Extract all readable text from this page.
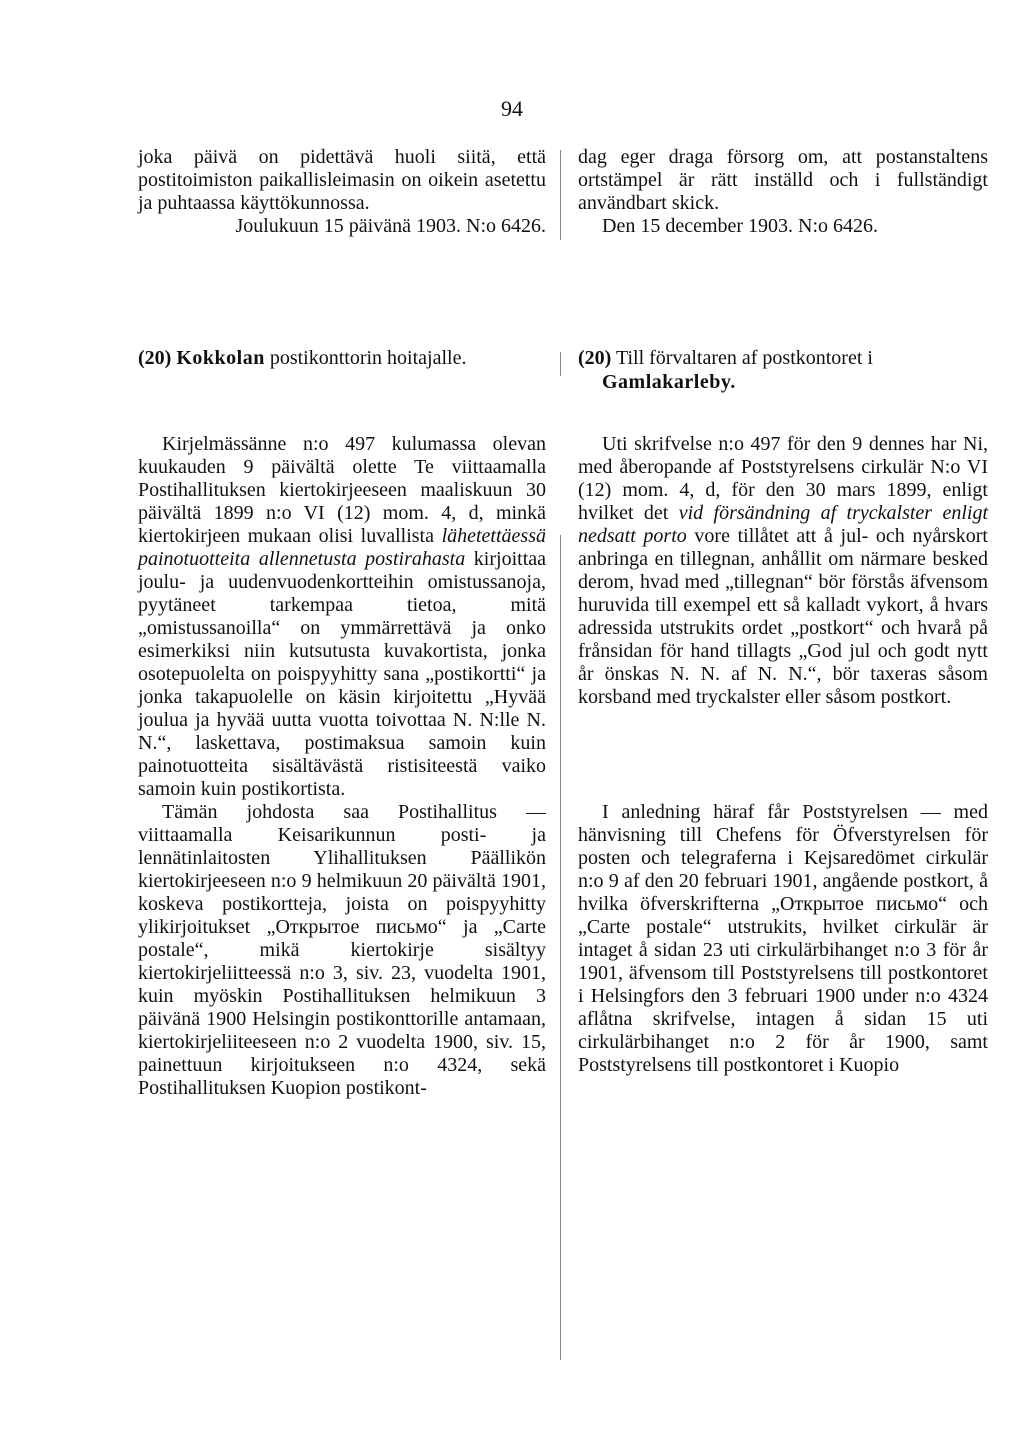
94

joka päivä on pidettävä huoli siitä, että postitoimiston paikallisleimasin on oikein asetettu ja puhtaassa käyttökunnossa.

Joulukuun 15 päivänä 1903. N:o 6426.

(20) Kokkolan postikonttorin hoitajalle.

Kirjelmässänne n:o 497 kulumassa olevan kuukauden 9 päivältä olette Te viittaamalla Postihallituksen kiertokirjeeseen maaliskuun 30 päivältä 1899 n:o VI (12) mom. 4, d, minkä kiertokirjeen mukaan olisi luvallista lähetettäessä painotuotteita allennetusta postirahasta kirjoittaa joulu- ja uudenvuodenkortteihin omistussanoja, pyytäneet tarkempaa tietoa, mitä „omistussanoilla“ on ymmärrettävä ja onko esimerkiksi niin kutsutusta kuvakortista, jonka osotepuolelta on poispyyhitty sana „postikortti“ ja jonka takapuolelle on käsin kirjoitettu „Hyvää joulua ja hyvää uutta vuotta toivottaa N. N:lle N. N.“, laskettava, postimaksua samoin kuin painotuotteita sisältävästä ristisiteestä vaiko samoin kuin postikortista.

Tämän johdosta saa Postihallitus — viittaamalla Keisarikunnun posti- ja lennätinlaitosten Ylihallituksen Päällikön kiertokirjeeseen n:o 9 helmikuun 20 päivältä 1901, koskeva postikortteja, joista on poispyyhitty ylikirjoitukset „Открытое письмо“ ja „Carte postale“, mikä kiertokirje sisältyy kiertokirjeliitteessä n:o 3, siv. 23, vuodelta 1901, kuin myöskin Postihallituksen helmikuun 3 päivänä 1900 Helsingin postikonttorille antamaan, kiertokirjeliiteeseen n:o 2 vuodelta 1900, siv. 15, painettuun kirjoitukseen n:o 4324, sekä Postihallituksen Kuopion postikont-

dag eger draga försorg om, att postanstaltens ortstämpel är rätt inställd och i fullständigt användbart skick.

Den 15 december 1903. N:o 6426.

(20) Till förvaltaren af postkontoret i

Gamlakarleby.

Uti skrifvelse n:o 497 för den 9 dennes har Ni, med åberopande af Poststyrelsens cirkulär N:o VI (12) mom. 4, d, för den 30 mars 1899, enligt hvilket det vid försändning af tryckalster enligt nedsatt porto vore tillåtet att å jul- och nyårskort anbringa en tillegnan, anhållit om närmare besked derom, hvad med „tillegnan“ bör förstås äfvensom huruvida till exempel ett så kalladt vykort, å hvars adressida utstrukits ordet „postkort“ och hvarå på frånsidan för hand tillagts „God jul och godt nytt år önskas N. N. af N. N.“, bör taxeras såsom korsband med tryckalster eller såsom postkort.

I anledning häraf får Poststyrelsen — med hänvisning till Chefens för Öfverstyrelsen för posten och telegraferna i Kejsaredömet cirkulär n:o 9 af den 20 februari 1901, angående postkort, å hvilka öfverskrifterna „Открытое письмо“ och „Carte postale“ utstrukits, hvilket cirkulär är intaget å sidan 23 uti cirkulärbihanget n:o 3 för år 1901, äfvensom till Poststyrelsens till postkontoret i Helsingfors den 3 februari 1900 under n:o 4324 aflåtna skrifvelse, intagen å sidan 15 uti cirkulärbihanget n:o 2 för år 1900, samt Poststyrelsens till postkontoret i Kuopio
